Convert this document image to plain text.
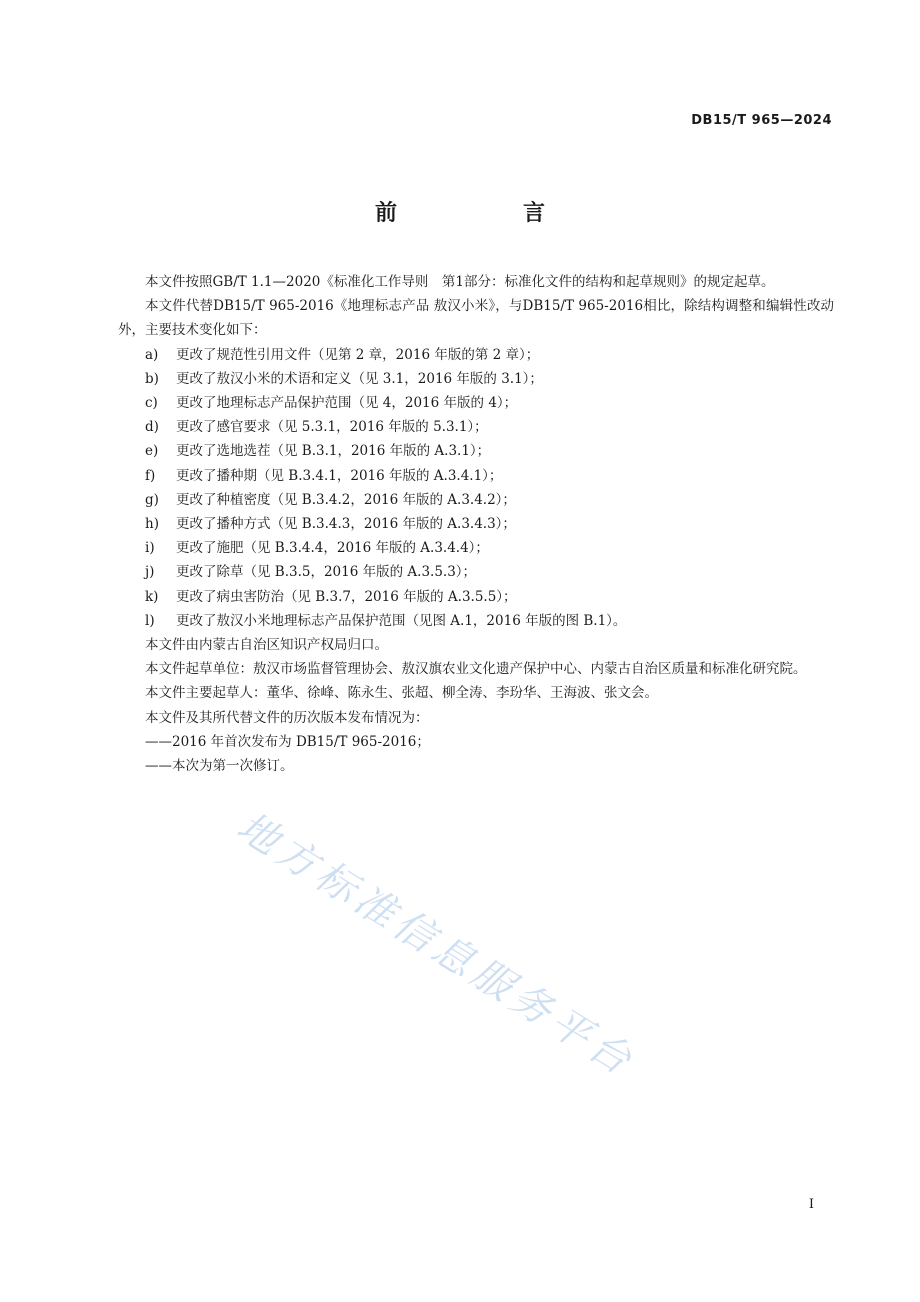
DB15/T 965—2024
前　言

本文件按照GB/T 1.1—2020《标准化工作导则　第1部分：标准化文件的结构和起草规则》的规定起草。

本文件代替DB15/T 965-2016《地理标志产品 敖汉小米》，与DB15/T 965-2016相比，除结构调整和编辑性改动外，主要技术变化如下：

a) 更改了规范性引用文件（见第 2 章，2016 年版的第 2 章）；

b) 更改了敖汉小米的术语和定义（见 3.1，2016 年版的 3.1）；

c) 更改了地理标志产品保护范围（见 4，2016 年版的 4）；

d) 更改了感官要求（见 5.3.1，2016 年版的 5.3.1）；

e) 更改了选地选茬（见 B.3.1，2016 年版的 A.3.1）；

f) 更改了播种期（见 B.3.4.1，2016 年版的 A.3.4.1）；

g) 更改了种植密度（见 B.3.4.2，2016 年版的 A.3.4.2）；

h) 更改了播种方式（见 B.3.4.3，2016 年版的 A.3.4.3）；

i) 更改了施肥（见 B.3.4.4，2016 年版的 A.3.4.4）；

j) 更改了除草（见 B.3.5，2016 年版的 A.3.5.3）；

k) 更改了病虫害防治（见 B.3.7，2016 年版的 A.3.5.5）；

l) 更改了敖汉小米地理标志产品保护范围（见图 A.1，2016 年版的图 B.1）。

本文件由内蒙古自治区知识产权局归口。

本文件起草单位：敖汉市场监督管理协会、敖汉旗农业文化遗产保护中心、内蒙古自治区质量和标准化研究院。

本文件主要起草人：董华、徐峰、陈永生、张超、柳全涛、李玢华、王海波、张文会。

本文件及其所代替文件的历次版本发布情况为：

——2016 年首次发布为 DB15/T 965-2016；

——本次为第一次修订。

地方标准信息服务平台
I
